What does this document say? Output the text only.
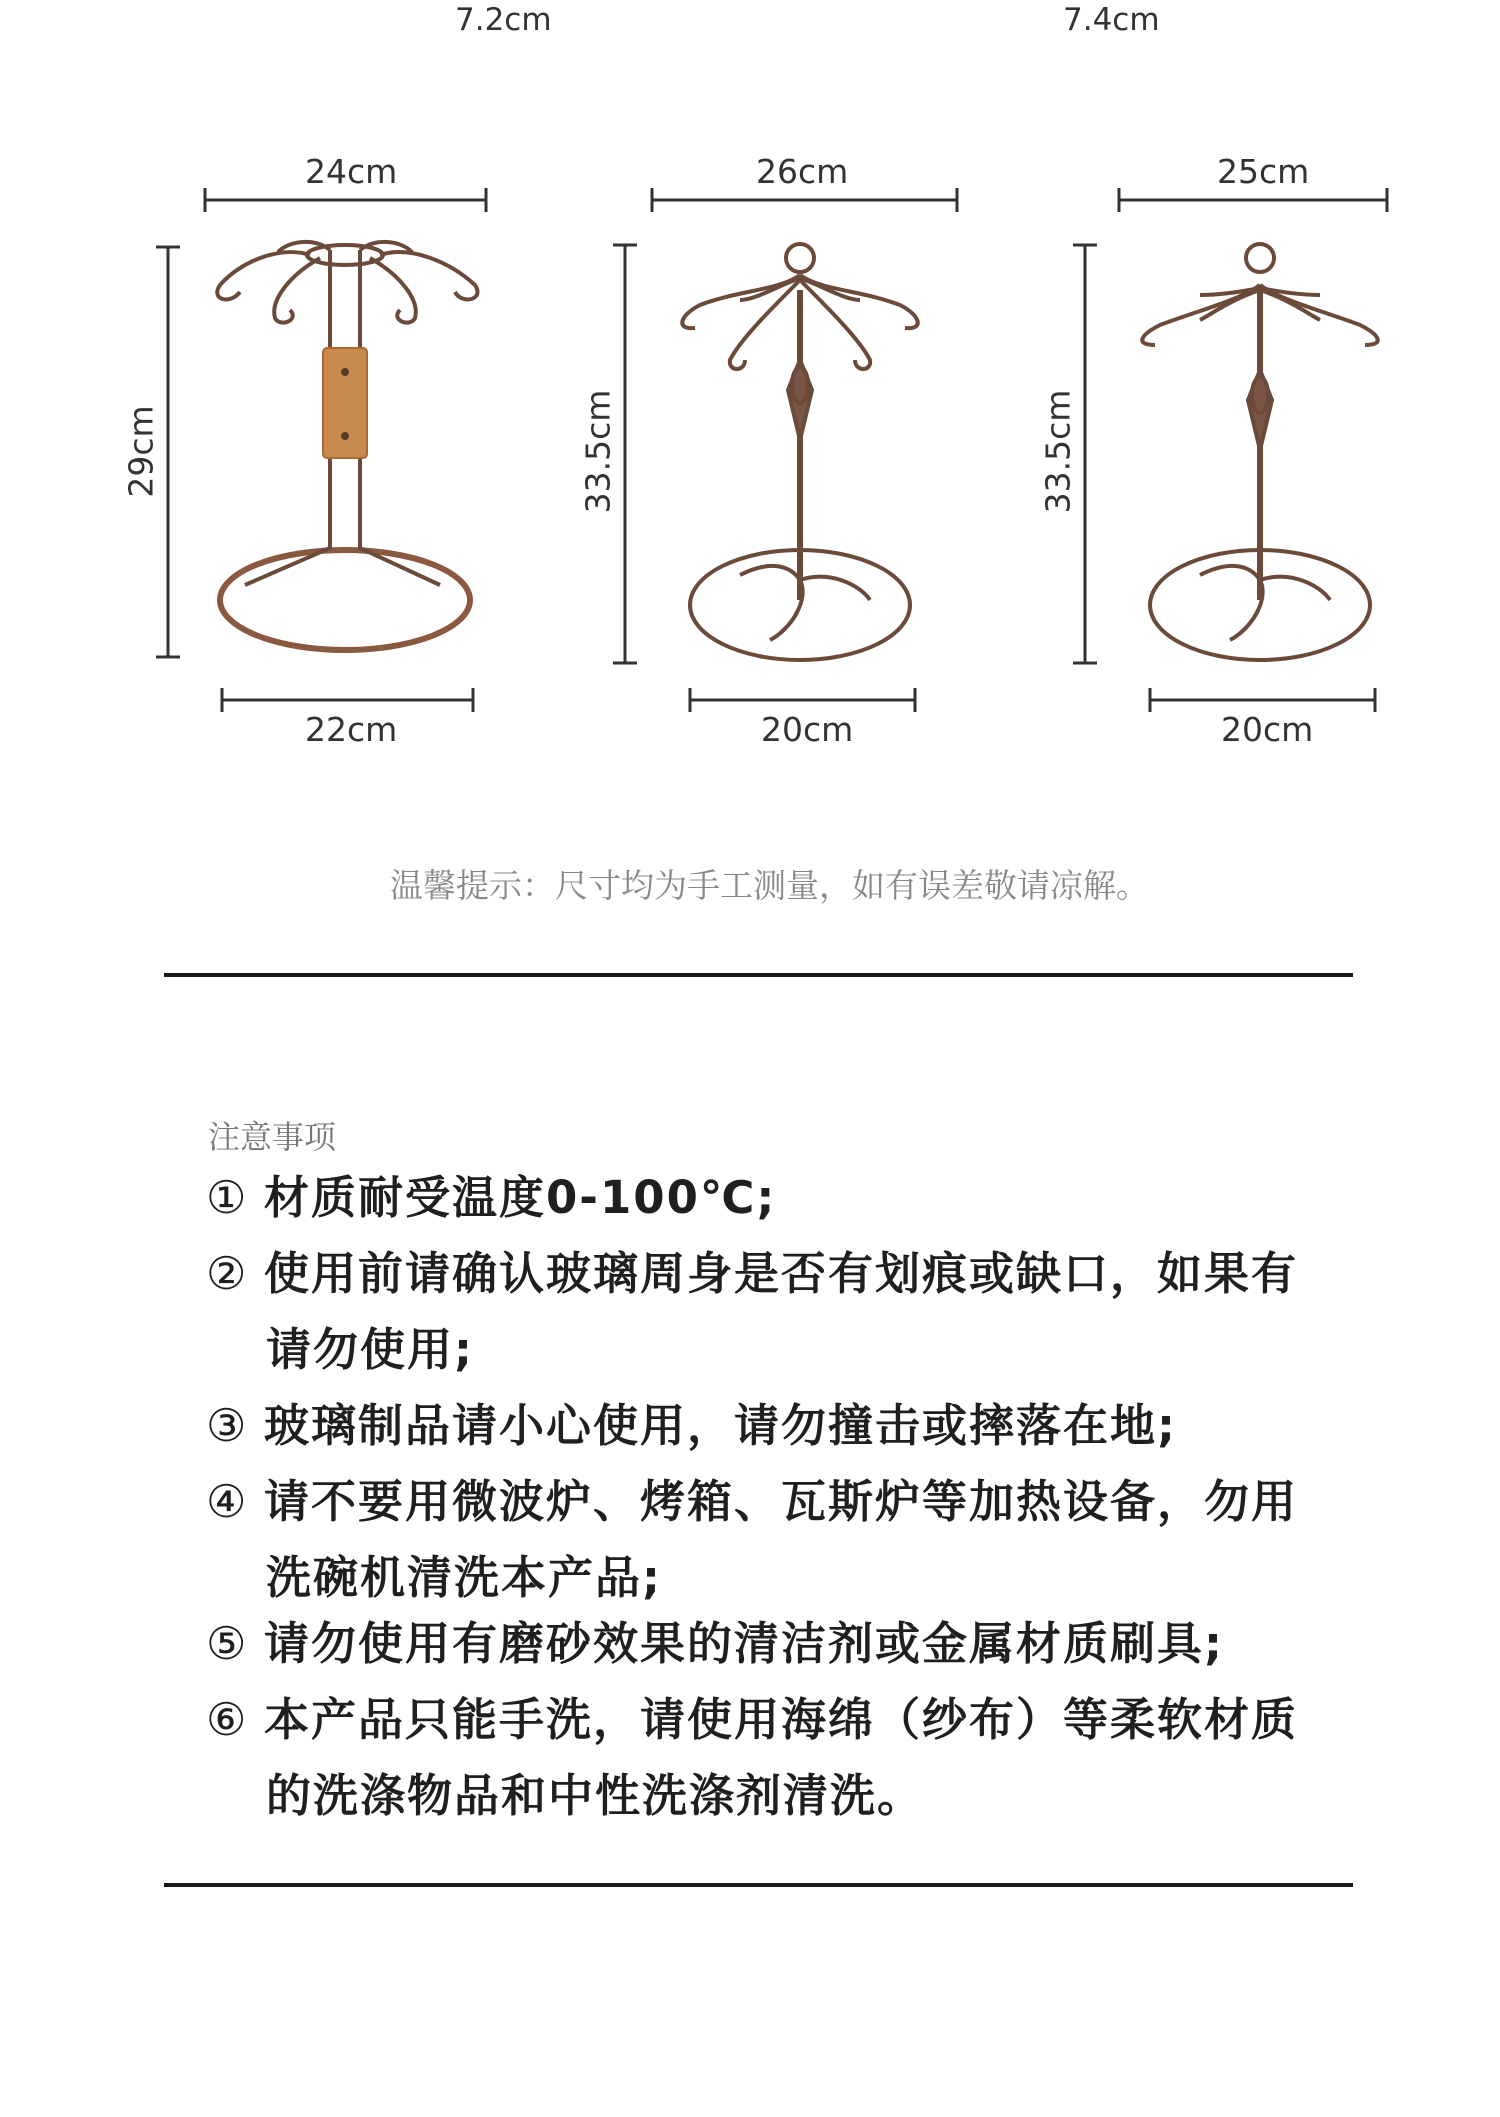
7.2cm	7.4cm
24cm	26cm	25cm
29cm	33.5cm	33.5cm
22cm	20cm	20cm
温馨提示：尺寸均为手工测量，如有误差敬请凉解。
注意事项
① 材质耐受温度0-100℃;
② 使用前请确认玻璃周身是否有划痕或缺口，如果有
请勿使用;
③ 玻璃制品请小心使用，请勿撞击或摔落在地;
④ 请不要用微波炉、烤箱、瓦斯炉等加热设备，勿用
洗碗机清洗本产品;
⑤ 请勿使用有磨砂效果的清洁剂或金属材质刷具;
⑥ 本产品只能手洗，请使用海绵（纱布）等柔软材质
的洗涤物品和中性洗涤剂清洗。
